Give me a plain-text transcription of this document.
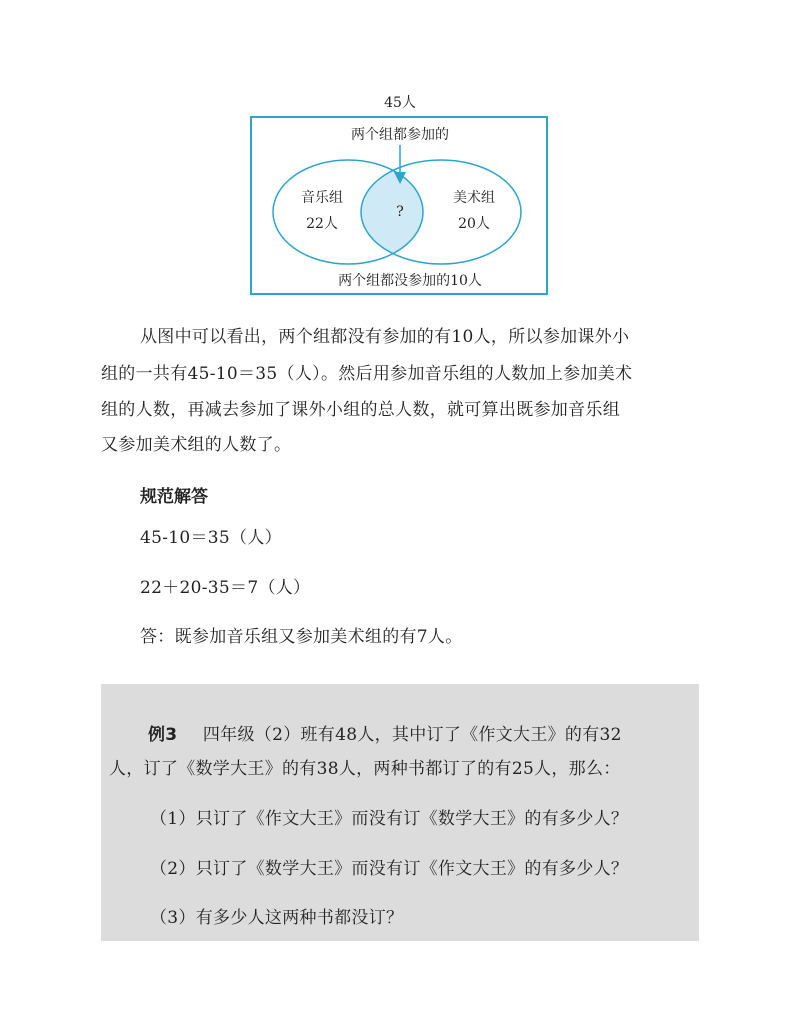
45人
两个组都参加的
音乐组
22人
?
美术组
20人
两个组都没参加的10人
从图中可以看出，两个组都没有参加的有10人，所以参加课外小
组的一共有45-10＝35（人）。然后用参加音乐组的人数加上参加美术
组的人数，再减去参加了课外小组的总人数，就可算出既参加音乐组
又参加美术组的人数了。
规范解答
45-10＝35（人）
22＋20-35＝7（人）
答：既参加音乐组又参加美术组的有7人。
例3 四年级（2）班有48人，其中订了《作文大王》的有32
人，订了《数学大王》的有38人，两种书都订了的有25人，那么：
（1）只订了《作文大王》而没有订《数学大王》的有多少人？
（2）只订了《数学大王》而没有订《作文大王》的有多少人？
（3）有多少人这两种书都没订？
